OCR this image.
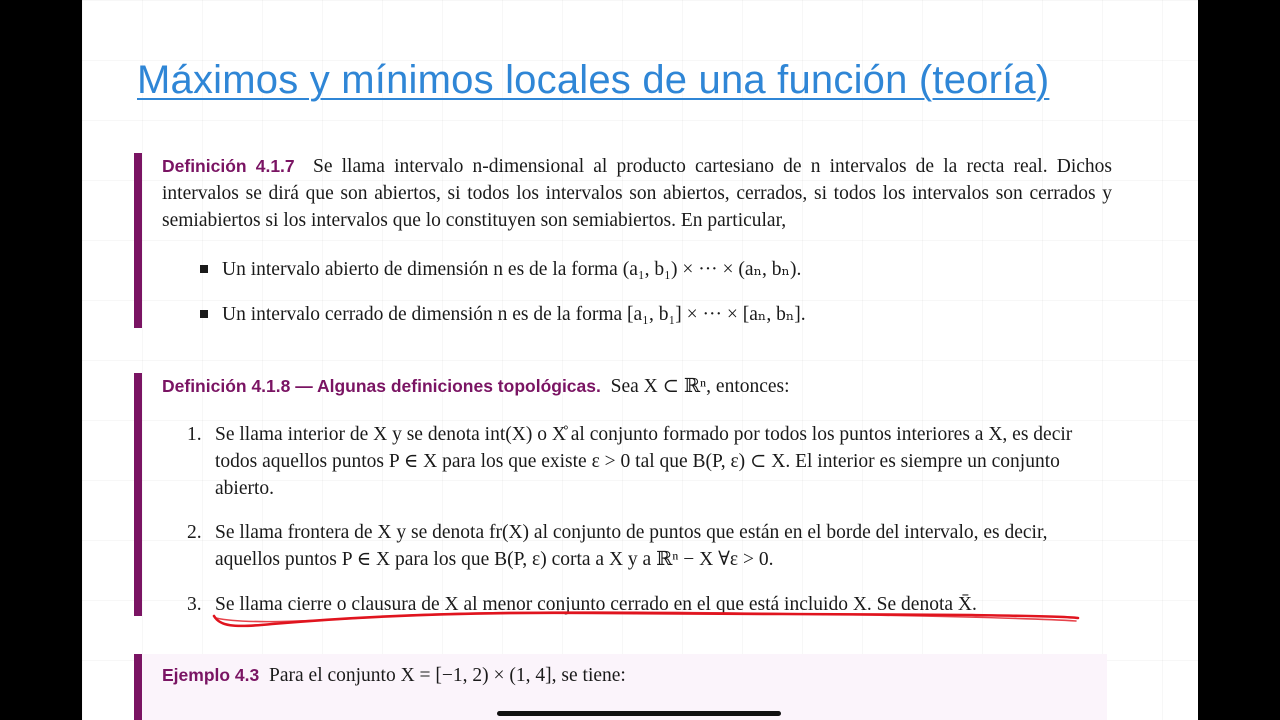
Máximos y mínimos locales de una función (teoría)

Definición 4.1.7 Se llama intervalo n-dimensional al producto cartesiano de n intervalos de la recta real. Dichos intervalos se dirá que son abiertos, si todos los intervalos son abiertos, cerrados, si todos los intervalos son cerrados y semiabiertos si los intervalos que lo constituyen son semiabiertos. En particular,

Un intervalo abierto de dimensión n es de la forma (a₁, b₁) × ··· × (aₙ, bₙ).
Un intervalo cerrado de dimensión n es de la forma [a₁, b₁] × ··· × [aₙ, bₙ].

Definición 4.1.8 — Algunas definiciones topológicas. Sea X ⊂ ℝⁿ, entonces:

1. Se llama interior de X y se denota int(X) o X̊ al conjunto formado por todos los puntos interiores a X, es decir todos aquellos puntos P ∈ X para los que existe ε > 0 tal que B(P, ε) ⊂ X. El interior es siempre un conjunto abierto.
2. Se llama frontera de X y se denota fr(X) al conjunto de puntos que están en el borde del intervalo, es decir, aquellos puntos P ∈ X para los que B(P, ε) corta a X y a ℝⁿ − X ∀ε > 0.
3. Se llama cierre o clausura de X al menor conjunto cerrado en el que está incluido X. Se denota X̄.

Ejemplo 4.3 Para el conjunto X = [−1, 2) × (1, 4], se tiene:
